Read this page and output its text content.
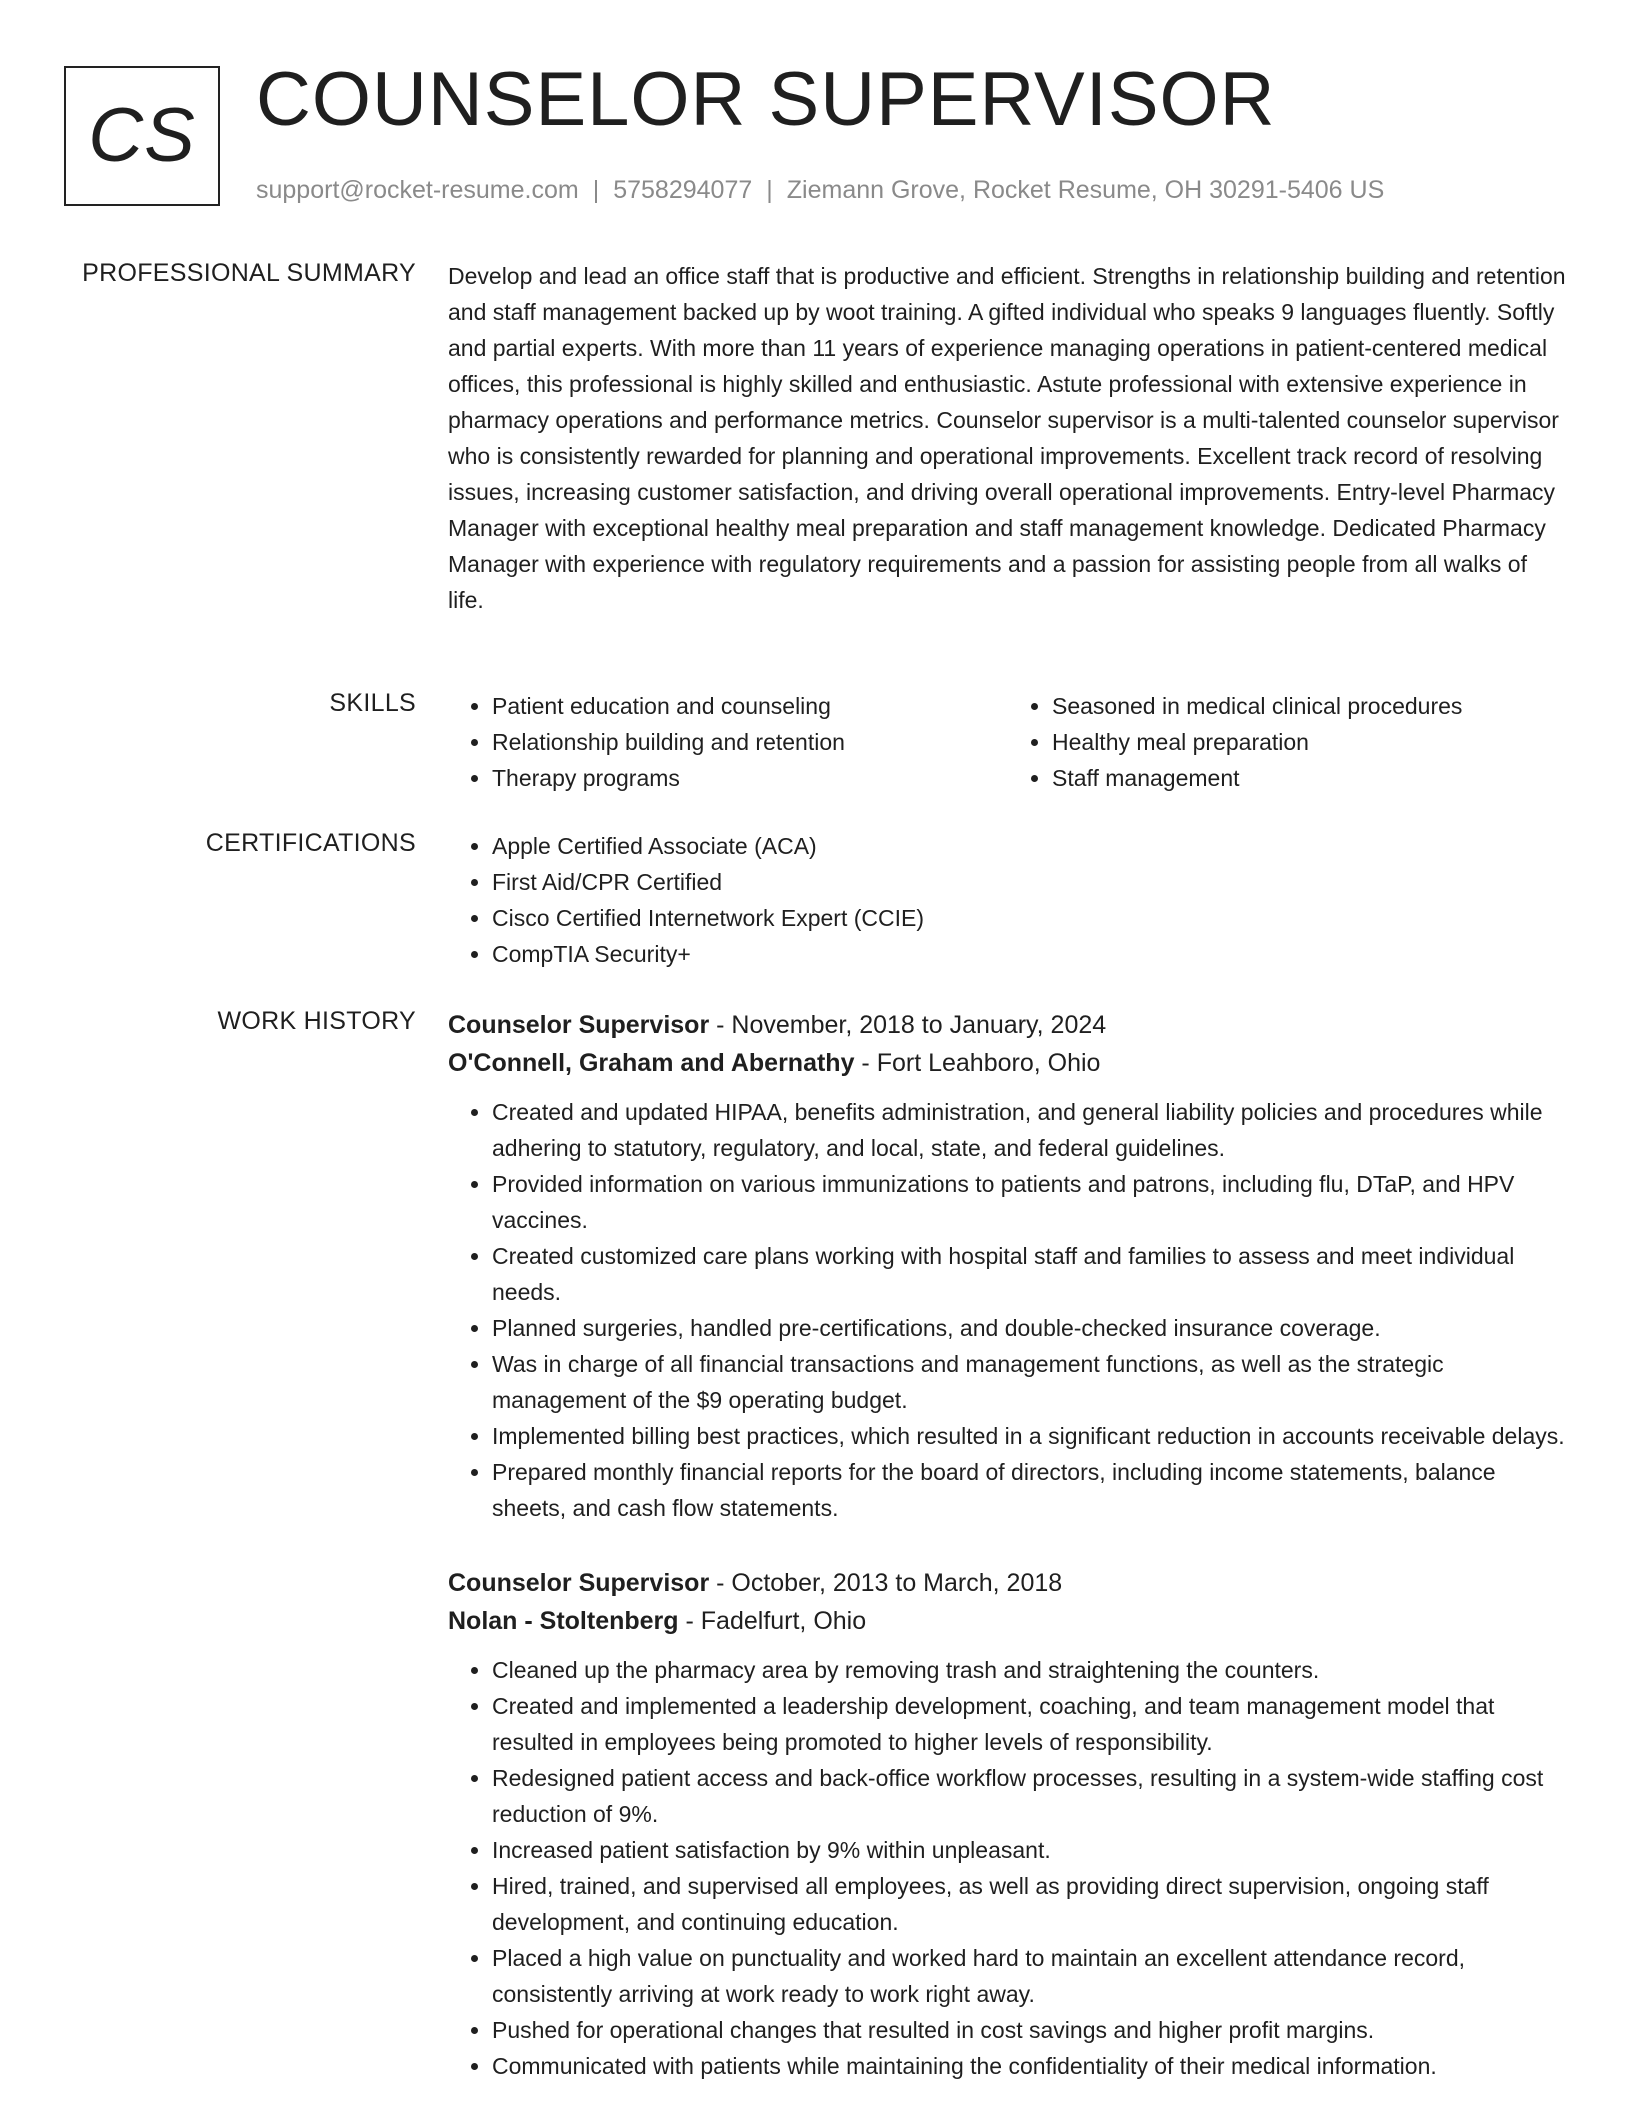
CS COUNSELOR SUPERVISOR
support@rocket-resume.com | 5758294077 | Ziemann Grove, Rocket Resume, OH 30291-5406 US
PROFESSIONAL SUMMARY Develop and lead an office staff that is productive and efficient. Strengths in relationship building and retention and staff management backed up by woot training. A gifted individual who speaks 9 languages fluently. Softly and partial experts. With more than 11 years of experience managing operations in patient-centered medical offices, this professional is highly skilled and enthusiastic. Astute professional with extensive experience in pharmacy operations and performance metrics. Counselor supervisor is a multi-talented counselor supervisor who is consistently rewarded for planning and operational improvements. Excellent track record of resolving issues, increasing customer satisfaction, and driving overall operational improvements. Entry-level Pharmacy Manager with exceptional healthy meal preparation and staff management knowledge. Dedicated Pharmacy Manager with experience with regulatory requirements and a passion for assisting people from all walks of life.

SKILLS	• Patient education and counseling
• Relationship building and retention
• Therapy programs
• Seasoned in medical clinical procedures
• Healthy meal preparation
• Staff management
CERTIFICATIONS	• Apple Certified Associate (ACA)
• First Aid/CPR Certified
• Cisco Certified Internetwork Expert (CCIE)
• CompTIA Security+
WORK HISTORY Counselor Supervisor - November, 2018 to January, 2024
O'Connell, Graham and Abernathy - Fort Leahboro, Ohio
• Created and updated HIPAA, benefits administration, and general liability policies and procedures while adhering to statutory, regulatory, and local, state, and federal guidelines.
• Provided information on various immunizations to patients and patrons, including flu, DTaP, and HPV vaccines.
• Created customized care plans working with hospital staff and families to assess and meet individual needs.
• Planned surgeries, handled pre-certifications, and double-checked insurance coverage.
• Was in charge of all financial transactions and management functions, as well as the strategic management of the $9 operating budget.
• Implemented billing best practices, which resulted in a significant reduction in accounts receivable delays.
• Prepared monthly financial reports for the board of directors, including income statements, balance sheets, and cash flow statements.
Counselor Supervisor - October, 2013 to March, 2018
Nolan - Stoltenberg - Fadelfurt, Ohio
• Cleaned up the pharmacy area by removing trash and straightening the counters.
• Created and implemented a leadership development, coaching, and team management model that resulted in employees being promoted to higher levels of responsibility.
• Redesigned patient access and back-office workflow processes, resulting in a system-wide staffing cost reduction of 9%.
• Increased patient satisfaction by 9% within unpleasant.
• Hired, trained, and supervised all employees, as well as providing direct supervision, ongoing staff development, and continuing education.
• Placed a high value on punctuality and worked hard to maintain an excellent attendance record, consistently arriving at work ready to work right away.
• Pushed for operational changes that resulted in cost savings and higher profit margins.
• Communicated with patients while maintaining the confidentiality of their medical information.
